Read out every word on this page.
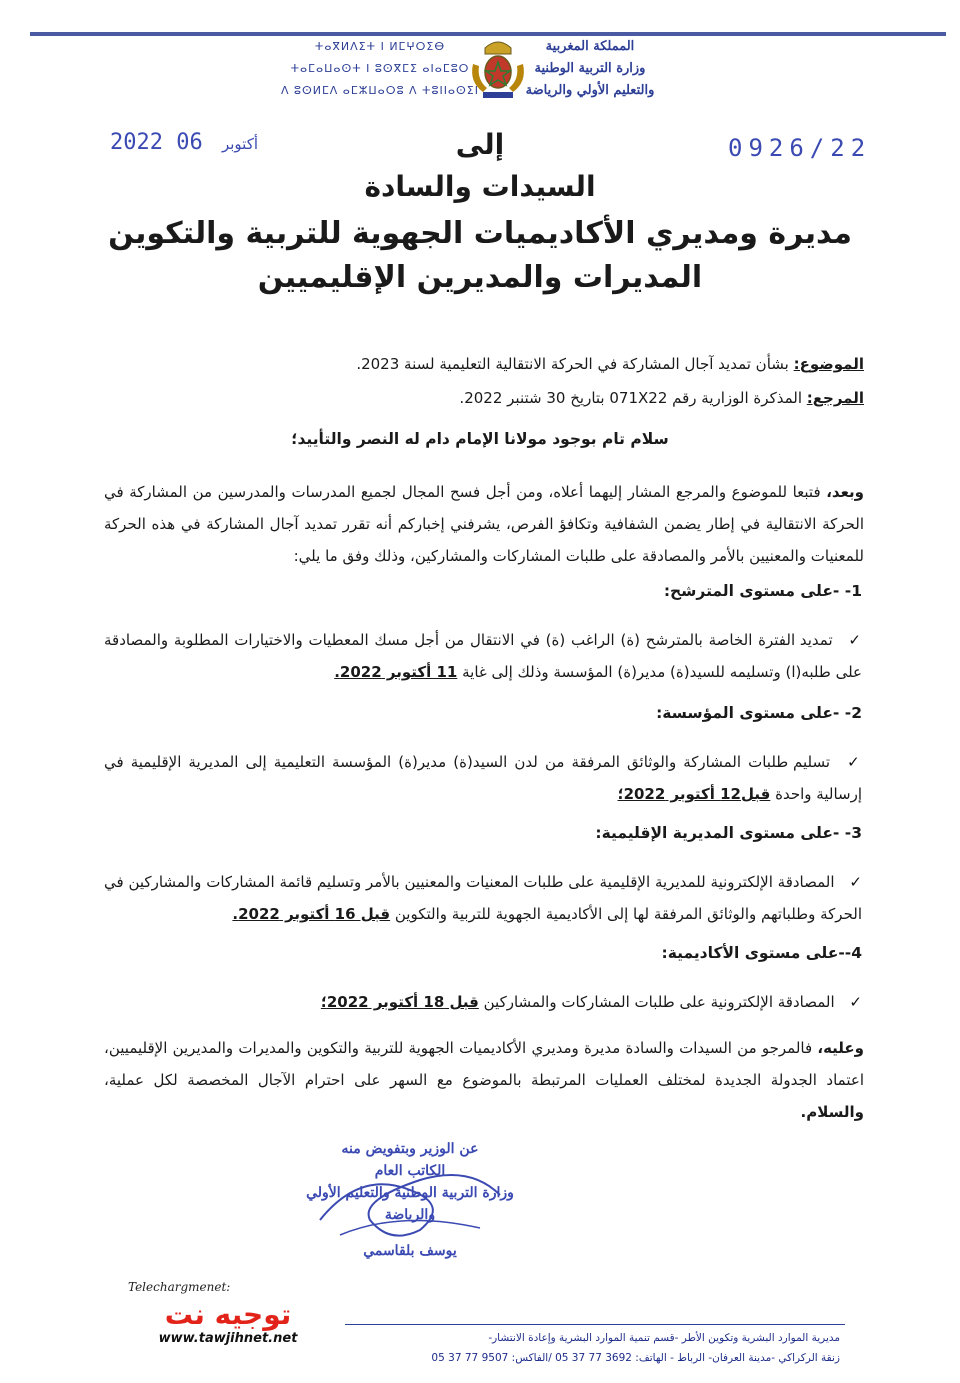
المملكة المغربية
وزارة التربية الوطنية
والتعليم الأولي والرياضة
ⵜⴰⴳⵍⴷⵉⵜ ⵏ ⵍⵎⵖⵔⵉⴱ
ⵜⴰⵎⴰⵡⴰⵙⵜ ⵏ ⵓⵙⴳⵎⵉ ⴰⵏⴰⵎⵓⵔ
ⴷ ⵓⵙⵍⵎⴷ ⴰⵎⵣⵡⴰⵔⵓ ⴷ ⵜⵓⵏⵏⴰⵙⵉⵏ
0926/22
2022	أكتوبر 06	إلى
السيدات والسادة
مديرة ومديري الأكاديميات الجهوية للتربية والتكوين
المديرات والمديرين الإقليميين
الموضوع: بشأن تمديد آجال المشاركة في الحركة الانتقالية التعليمية لسنة 2023.
المرجع: المذكرة الوزارية رقم 071X22 بتاريخ 30 شتنبر 2022.
سلام تام بوجود مولانا الإمام دام له النصر والتأييد؛
وبعد، فتبعا للموضوع والمرجع المشار إليهما أعلاه، ومن أجل فسح المجال لجميع المدرسات والمدرسين من المشاركة في الحركة الانتقالية في إطار يضمن الشفافية وتكافؤ الفرص، يشرفني إخباركم أنه تقرر تمديد آجال المشاركة في هذه الحركة للمعنيات والمعنيين بالأمر والمصادقة على طلبات المشاركات والمشاركين، وذلك وفق ما يلي:
1- -على مستوى المترشح:
✓ تمديد الفترة الخاصة بالمترشح (ة) الراغب (ة) في الانتقال من أجل مسك المعطيات والاختيارات المطلوبة والمصادقة على طلبه(ا) وتسليمه للسيد(ة) مدير(ة) المؤسسة وذلك إلى غاية 11 أكتوبر 2022.
2- -على مستوى المؤسسة:
✓ تسليم طلبات المشاركة والوثائق المرفقة من لدن السيد(ة) مدير(ة) المؤسسة التعليمية إلى المديرية الإقليمية في إرسالية واحدة قبل12 أكتوبر 2022؛
3- -على مستوى المديرية الإقليمية:
✓ المصادقة الإلكترونية للمديرية الإقليمية على طلبات المعنيات والمعنيين بالأمر وتسليم قائمة المشاركات والمشاركين في الحركة وطلباتهم والوثائق المرفقة لها إلى الأكاديمية الجهوية للتربية والتكوين قبل 16 أكتوبر 2022.
4--على مستوى الأكاديمية:
✓ المصادقة الإلكترونية على طلبات المشاركات والمشاركين قبل 18 أكتوبر 2022؛
وعليه، فالمرجو من السيدات والسادة مديرة ومديري الأكاديميات الجهوية للتربية والتكوين والمديرات والمديرين الإقليميين، اعتماد الجدولة الجديدة لمختلف العمليات المرتبطة بالموضوع مع السهر على احترام الآجال المخصصة لكل عملية، والسلام.
عن الوزير وبتفويض منه
الكاتب العام
وزارة التربية الوطنية والتعليم الأولي
والرياضة
يوسف بلقاسمي
Telechargmenet:
توجيه نت
www.tawjihnet.net	مديرية الموارد البشرية وتكوين الأطر -قسم تنمية الموارد البشرية وإعادة الانتشار-
زنقة الركراكي -مدينة العرفان- الرباط - الهاتف: 3692 77 37 05 /الفاكس: 9507 77 37 05
